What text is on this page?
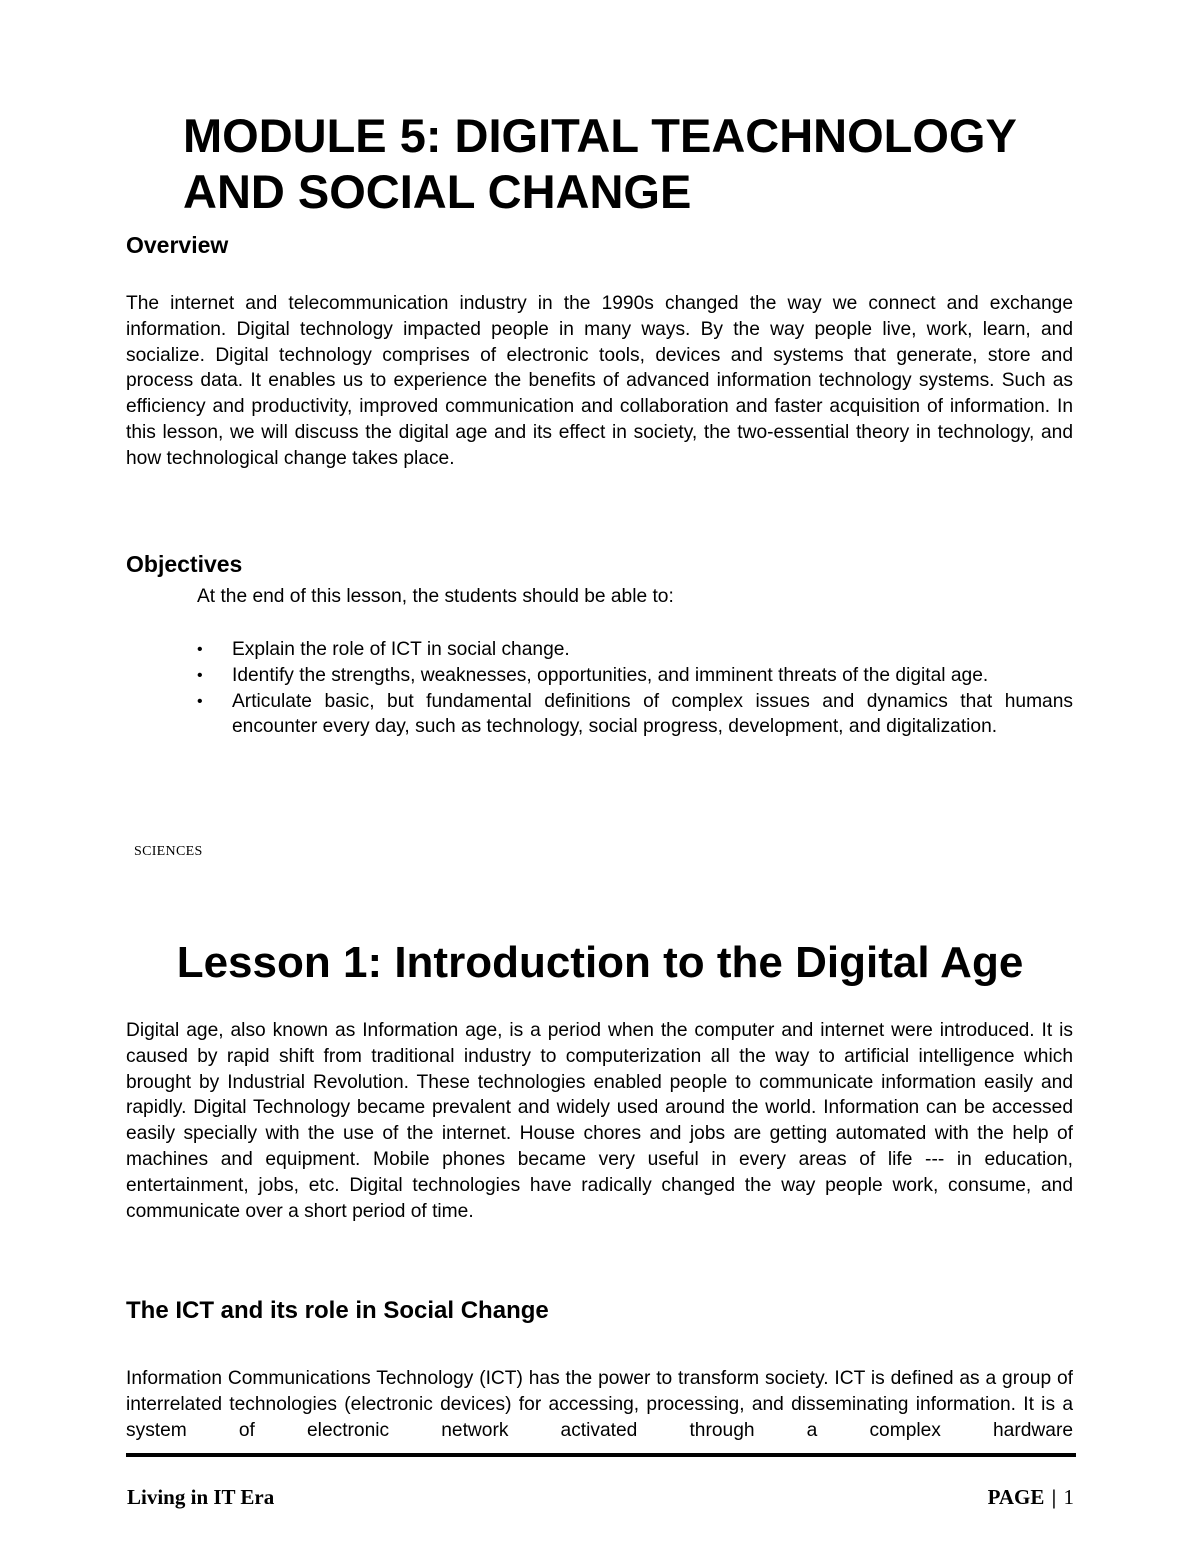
MODULE 5: DIGITAL TEACHNOLOGY
AND SOCIAL CHANGE
Overview

The internet and telecommunication industry in the 1990s changed the way we connect and exchange information. Digital technology impacted people in many ways. By the way people live, work, learn, and socialize. Digital technology comprises of electronic tools, devices and systems that generate, store and process data. It enables us to experience the benefits of advanced information technology systems. Such as efficiency and productivity, improved communication and collaboration and faster acquisition of information. In this lesson, we will discuss the digital age and its effect in society, the two-essential theory in technology, and how technological change takes place.

Objectives

At the end of this lesson, the students should be able to:

•	Explain the role of ICT in social change.
•	Identify the strengths, weaknesses, opportunities, and imminent threats of the digital age.
•	Articulate basic, but fundamental definitions of complex issues and dynamics that humans encounter every day, such as technology, social progress, development, and digitalization.

SCIENCES

Lesson 1: Introduction to the Digital Age

Digital age, also known as Information age, is a period when the computer and internet were introduced. It is caused by rapid shift from traditional industry to computerization all the way to artificial intelligence which brought by Industrial Revolution. These technologies enabled people to communicate information easily and rapidly. Digital Technology became prevalent and widely used around the world. Information can be accessed easily specially with the use of the internet. House chores and jobs are getting automated with the help of machines and equipment. Mobile phones became very useful in every areas of life --- in education, entertainment, jobs, etc. Digital technologies have radically changed the way people work, consume, and communicate over a short period of time.

The ICT and its role in Social Change

Information Communications Technology (ICT) has the power to transform society. ICT is defined as a group of interrelated technologies (electronic devices) for accessing, processing, and disseminating information. It is a system of electronic network activated through a complex hardware

Living in IT Era	PAGE | 1
